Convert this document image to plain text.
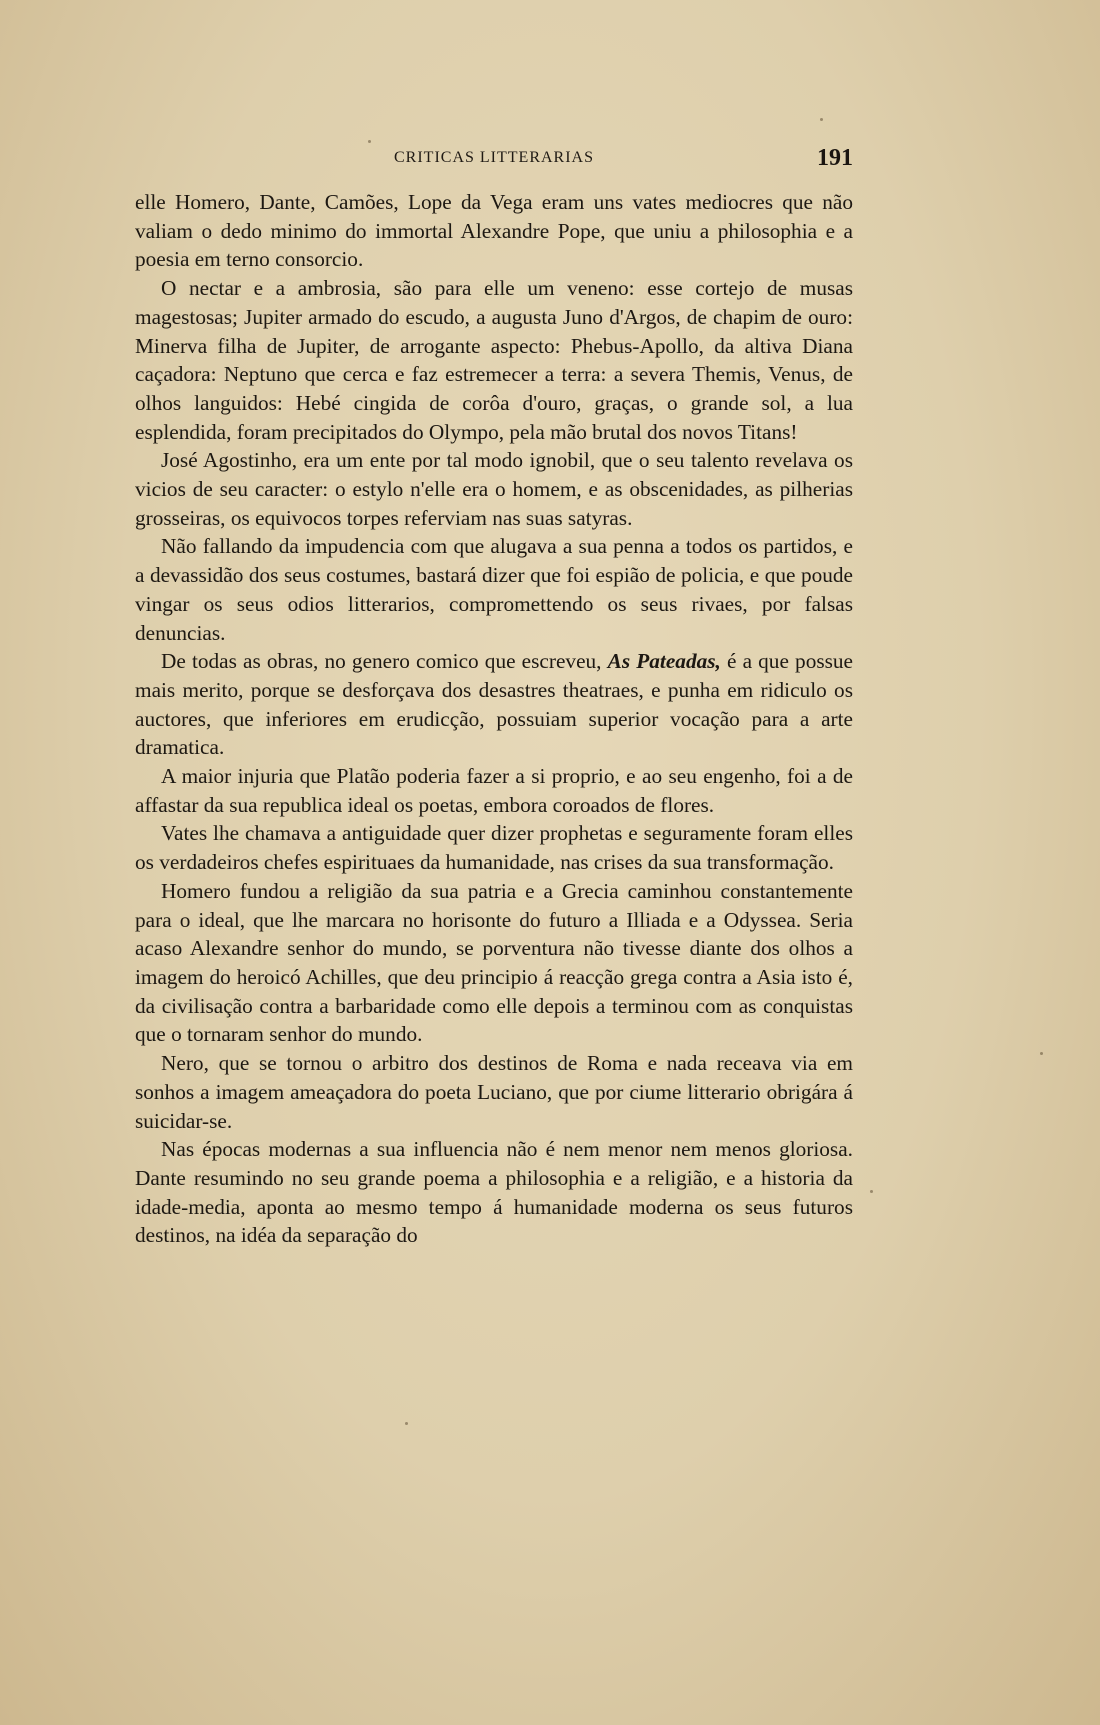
CRITICAS LITTERARIAS	191

elle Homero, Dante, Camões, Lope da Vega eram uns vates mediocres que não valiam o dedo minimo do immortal Alexandre Pope, que uniu a philosophia e a poesia em terno consorcio.

O nectar e a ambrosia, são para elle um veneno: esse cortejo de musas magestosas; Jupiter armado do escudo, a augusta Juno d'Argos, de chapim de ouro: Minerva filha de Jupiter, de arrogante aspecto: Phebus-Apollo, da altiva Diana caçadora: Neptuno que cerca e faz estremecer a terra: a severa Themis, Venus, de olhos languidos: Hebé cingida de corôa d'ouro, graças, o grande sol, a lua esplendida, foram precipitados do Olympo, pela mão brutal dos novos Titans!

José Agostinho, era um ente por tal modo ignobil, que o seu talento revelava os vicios de seu caracter: o estylo n'elle era o homem, e as obscenidades, as pilherias grosseiras, os equivocos torpes referviam nas suas satyras.

Não fallando da impudencia com que alugava a sua penna a todos os partidos, e a devassidão dos seus costumes, bastará dizer que foi espião de policia, e que poude vingar os seus odios litterarios, compromettendo os seus rivaes, por falsas denuncias.

De todas as obras, no genero comico que escreveu, As Pateadas, é a que possue mais merito, porque se desforçava dos desastres theatraes, e punha em ridiculo os auctores, que inferiores em erudicção, possuiam superior vocação para a arte dramatica.

A maior injuria que Platão poderia fazer a si proprio, e ao seu engenho, foi a de affastar da sua republica ideal os poetas, embora coroados de flores.

Vates lhe chamava a antiguidade quer dizer prophetas e seguramente foram elles os verdadeiros chefes espirituaes da humanidade, nas crises da sua transformação.

Homero fundou a religião da sua patria e a Grecia caminhou constantemente para o ideal, que lhe marcara no horisonte do futuro a Illiada e a Odyssea. Seria acaso Alexandre senhor do mundo, se porventura não tivesse diante dos olhos a imagem do heroicó Achilles, que deu principio á reacção grega contra a Asia isto é, da civilisação contra a barbaridade como elle depois a terminou com as conquistas que o tornaram senhor do mundo.

Nero, que se tornou o arbitro dos destinos de Roma e nada receava via em sonhos a imagem ameaçadora do poeta Luciano, que por ciume litterario obrigára á suicidar-se.

Nas épocas modernas a sua influencia não é nem menor nem menos gloriosa. Dante resumindo no seu grande poema a philosophia e a religião, e a historia da idade-media, aponta ao mesmo tempo á humanidade moderna os seus futuros destinos, na idéa da separação do
